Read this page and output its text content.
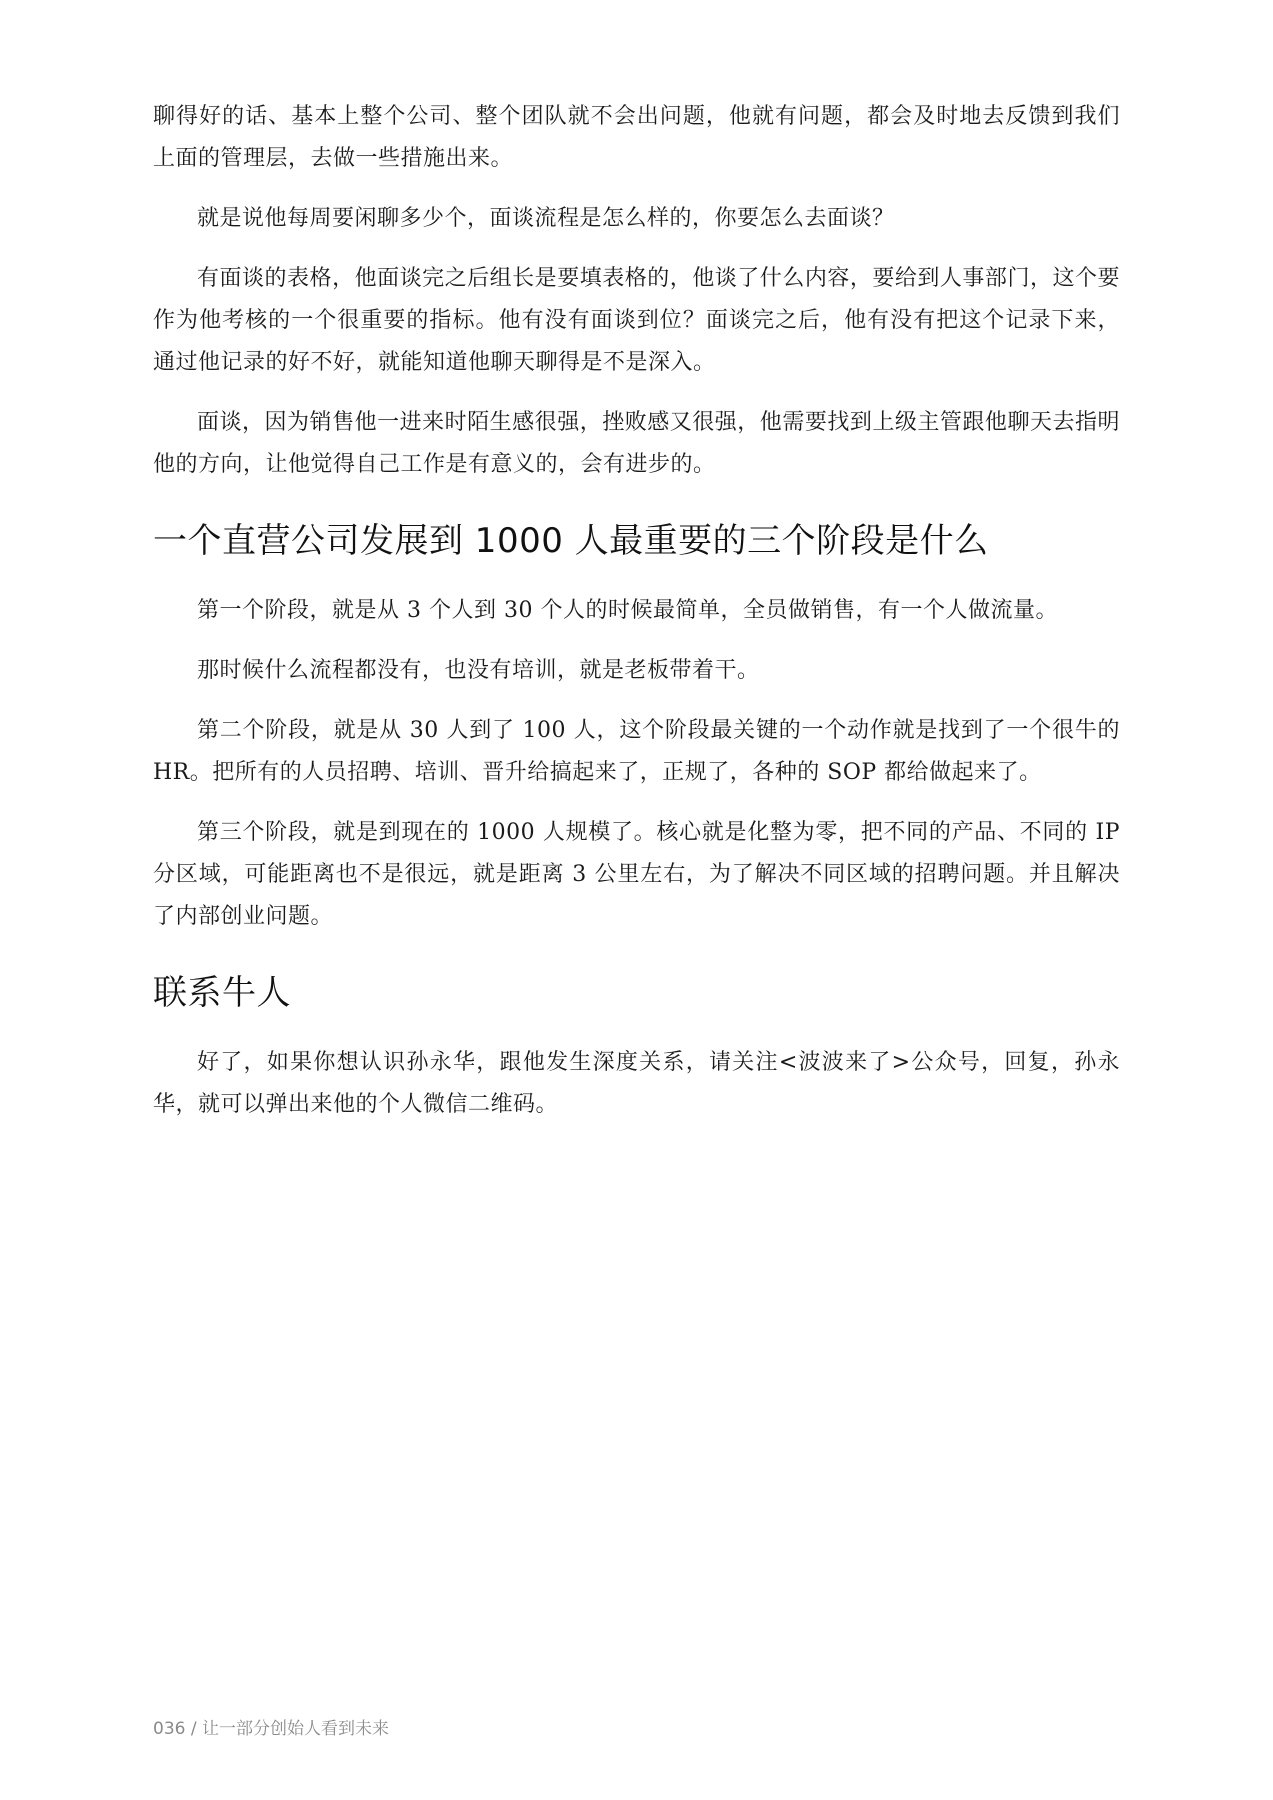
聊得好的话、基本上整个公司、整个团队就不会出问题，他就有问题，都会及时地去反馈到我们上面的管理层，去做一些措施出来。

就是说他每周要闲聊多少个，面谈流程是怎么样的，你要怎么去面谈？

有面谈的表格，他面谈完之后组长是要填表格的，他谈了什么内容，要给到人事部门，这个要作为他考核的一个很重要的指标。他有没有面谈到位？面谈完之后，他有没有把这个记录下来，通过他记录的好不好，就能知道他聊天聊得是不是深入。

面谈，因为销售他一进来时陌生感很强，挫败感又很强，他需要找到上级主管跟他聊天去指明他的方向，让他觉得自己工作是有意义的，会有进步的。

一个直营公司发展到 1000 人最重要的三个阶段是什么

第一个阶段，就是从 3 个人到 30 个人的时候最简单，全员做销售，有一个人做流量。

那时候什么流程都没有，也没有培训，就是老板带着干。

第二个阶段，就是从 30 人到了 100 人，这个阶段最关键的一个动作就是找到了一个很牛的 HR。把所有的人员招聘、培训、晋升给搞起来了，正规了，各种的 SOP 都给做起来了。

第三个阶段，就是到现在的 1000 人规模了。核心就是化整为零，把不同的产品、不同的 IP 分区域，可能距离也不是很远，就是距离 3 公里左右，为了解决不同区域的招聘问题。并且解决了内部创业问题。

联系牛人

好了，如果你想认识孙永华，跟他发生深度关系，请关注<波波来了>公众号，回复，孙永华，就可以弹出来他的个人微信二维码。

036 / 让一部分创始人看到未来
